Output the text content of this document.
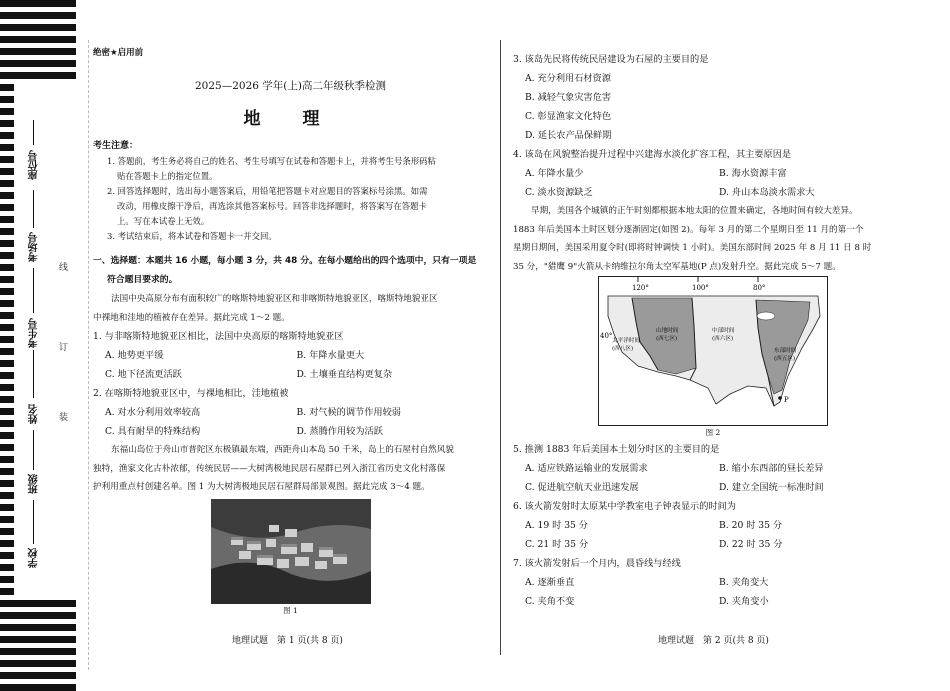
座位号
考场号
考生号
姓名
班级
学校
线
订
装

绝密★启用前

2025—2026 学年(上)高二年级秋季检测

地 理

考生注意：

1. 答题前，考生务必将自己的姓名、考生号填写在试卷和答题卡上，并将考生号条形码粘

贴在答题卡上的指定位置。

2. 回答选择题时，选出每小题答案后，用铅笔把答题卡对应题目的答案标号涂黑。如需

改动，用橡皮擦干净后，再选涂其他答案标号。回答非选择题时，将答案写在答题卡

上。写在本试卷上无效。

3. 考试结束后，将本试卷和答题卡一并交回。

一、选择题：本题共 16 小题，每小题 3 分，共 48 分。在每小题给出的四个选项中，只有一项是

符合题目要求的。

法国中央高原分布有面积较广的喀斯特地貌亚区和非喀斯特地貌亚区，喀斯特地貌亚区

中裸地和洼地的植被存在差异。据此完成 1～2 题。

1. 与非喀斯特地貌亚区相比，法国中央高原的喀斯特地貌亚区

A. 地势更平缓	B. 年降水量更大
C. 地下径流更活跃	D. 土壤垂直结构更复杂

2. 在喀斯特地貌亚区中，与裸地相比，洼地植被

A. 对水分利用效率较高	B. 对气候的调节作用较弱
C. 具有耐旱的特殊结构	D. 蒸腾作用较为活跃

东福山岛位于舟山市普陀区东极镇最东端，西距舟山本岛 50 千米，岛上的石屋村自然风貌

独特，渔家文化古朴浓郁，传统民居——大树湾极地民居石屋群已列入浙江省历史文化村落保

护利用重点村创建名单。图 1 为大树湾极地民居石屋群局部景观图。据此完成 3～4 题。

图 1

地理试题　第 1 页(共 8 页)

3. 该岛先民将传统民居建设为石屋的主要目的是

A. 充分利用石材资源

B. 减轻气象灾害危害

C. 彰显渔家文化特色

D. 延长农产品保鲜期

4. 该岛在风貌整治提升过程中兴建海水淡化扩容工程，其主要原因是

A. 年降水量少	B. 海水资源丰富
C. 淡水资源缺乏	D. 舟山本岛淡水需求大

早期，美国各个城镇的正午时刻都根据本地太阳的位置来确定，各地时间有较大差异。

1883 年后美国本土时区划分逐渐固定(如图 2)。每年 3 月的第二个星期日至 11 月的第一个

星期日期间，美国采用夏令时(即将时钟调快 1 小时)。美国东部时间 2025 年 8 月 11 日 8 时

35 分，"猎鹰 9"火箭从卡纳维拉尔角太空军基地(P 点)发射升空。据此完成 5～7 题。

120°	100°	80°
40°
太平洋时间
(西八区)
山地时间
(西七区)
中部时间
(西六区)
东部时间
(西五区)
P

图 2

5. 推测 1883 年后美国本土划分时区的主要目的是

A. 适应铁路运输业的发展需求	B. 缩小东西部的昼长差异
C. 促进航空航天业迅速发展	D. 建立全国统一标准时间

6. 该火箭发射时太原某中学教室电子钟表显示的时间为

A. 19 时 35 分	B. 20 时 35 分
C. 21 时 35 分	D. 22 时 35 分

7. 该火箭发射后一个月内，晨昏线与经线

A. 逐渐垂直	B. 夹角变大
C. 夹角不变	D. 夹角变小

地理试题　第 2 页(共 8 页)
